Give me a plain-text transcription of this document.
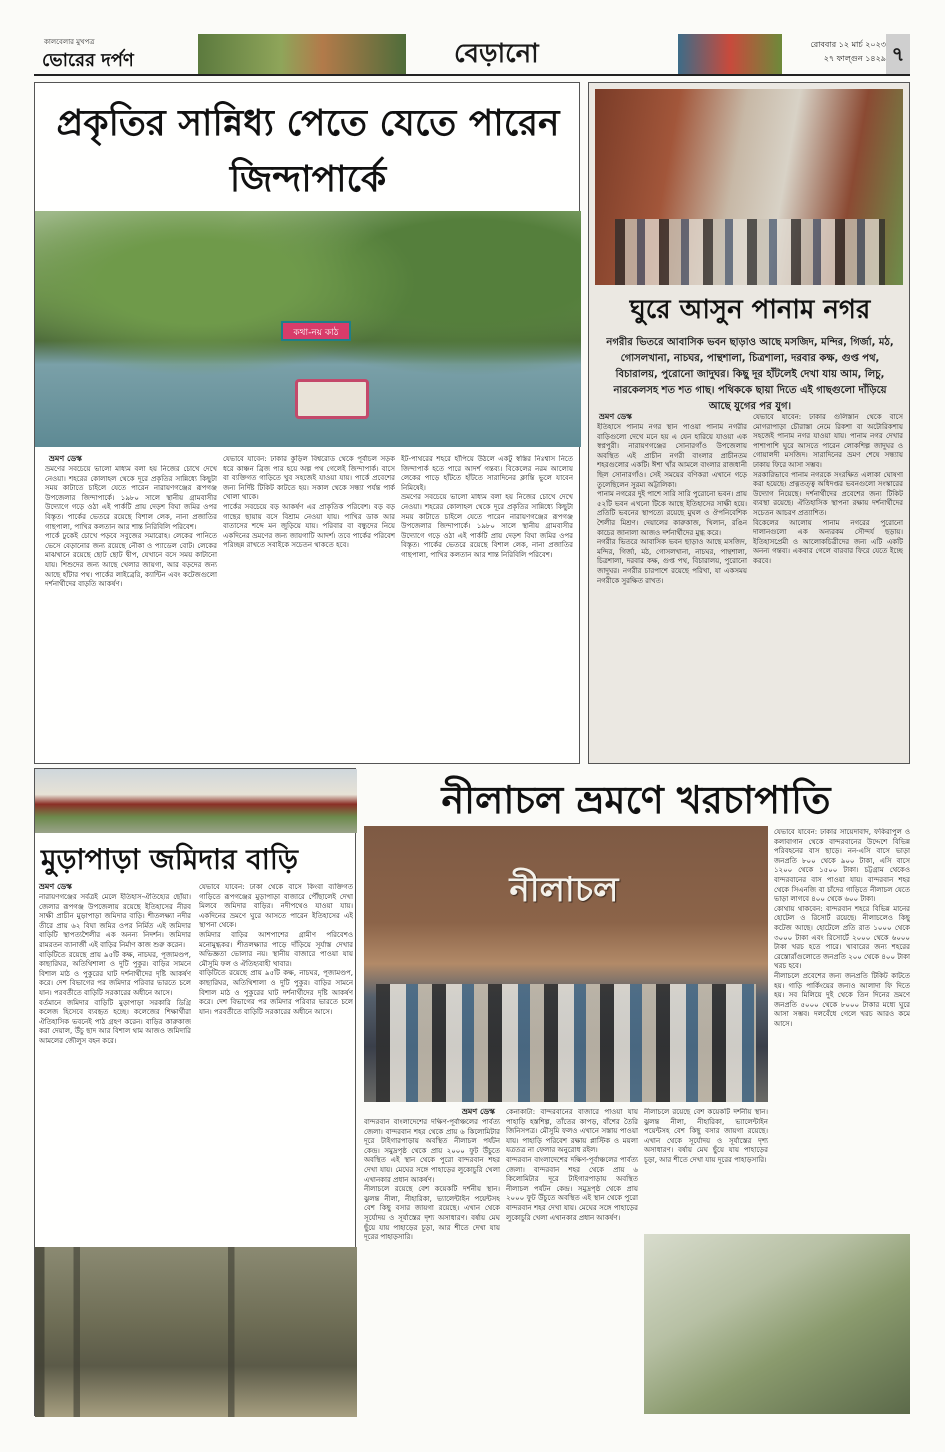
কালবেলার মুখপত্র
ভোরের দর্পণ	বেড়ানো	রোববার ১২ মার্চ ২০২৩
২৭ ফাল্গুন ১৪২৯ ৭
প্রকৃতির সান্নিধ্য পেতে যেতে পারেন জিন্দাপার্কে
কথা-নয় কাঠ
ভ্রমণ ডেস্ক

ভ্রমণের সবচেয়ে ভালো মাধ্যম বলা হয় নিজের চোখে দেখে নেওয়া। শহরের কোলাহল থেকে দূরে প্রকৃতির সান্নিধ্যে কিছুটা সময় কাটাতে চাইলে যেতে পারেন নারায়ণগঞ্জের রূপগঞ্জ উপজেলার জিন্দাপার্কে। ১৯৮০ সালে স্থানীয় গ্রামবাসীর উদ্যোগে গড়ে ওঠা এই পার্কটি প্রায় দেড়শ বিঘা জমির ওপর বিস্তৃত। পার্কের ভেতরে রয়েছে বিশাল লেক, নানা প্রজাতির গাছপালা, পাখির কলতান আর শান্ত নিরিবিলি পরিবেশ।

পার্কে ঢুকেই চোখে পড়বে সবুজের সমারোহ। লেকের পানিতে ভেসে বেড়ানোর জন্য রয়েছে নৌকা ও প্যাডেল বোট। লেকের মাঝখানে রয়েছে ছোট ছোট দ্বীপ, যেখানে বসে সময় কাটানো যায়। শিশুদের জন্য আছে খেলার জায়গা, আর বড়দের জন্য আছে হাঁটার পথ। পার্কের লাইব্রেরি, ক্যান্টিন এবং কটেজগুলো দর্শনার্থীদের বাড়তি আকর্ষণ।

যেভাবে যাবেন: ঢাকার কুড়িল বিশ্বরোড থেকে পূর্বাচল সড়ক ধরে কাঞ্চন ব্রিজ পার হয়ে অল্প পথ গেলেই জিন্দাপার্ক। বাসে বা ব্যক্তিগত গাড়িতে খুব সহজেই যাওয়া যায়। পার্কে প্রবেশের জন্য নির্দিষ্ট টিকিট কাটতে হয়। সকাল থেকে সন্ধ্যা পর্যন্ত পার্ক খোলা থাকে।

পার্কের সবচেয়ে বড় আকর্ষণ এর প্রাকৃতিক পরিবেশ। বড় বড় গাছের ছায়ায় বসে বিশ্রাম নেওয়া যায়। পাখির ডাক আর বাতাসের শব্দে মন জুড়িয়ে যায়। পরিবার বা বন্ধুদের নিয়ে একদিনের ভ্রমণের জন্য জায়গাটি আদর্শ। তবে পার্কের পরিবেশ পরিচ্ছন্ন রাখতে সবাইকে সচেতন থাকতে হবে।

ইট-পাথরের শহরে হাঁপিয়ে উঠলে একটু স্বস্তির নিঃশ্বাস নিতে জিন্দাপার্ক হতে পারে আদর্শ গন্তব্য। বিকেলের নরম আলোয় লেকের পাড়ে হাঁটতে হাঁটতে সারাদিনের ক্লান্তি ভুলে যাবেন নিমিষেই।

ভ্রমণের সবচেয়ে ভালো মাধ্যম বলা হয় নিজের চোখে দেখে নেওয়া। শহরের কোলাহল থেকে দূরে প্রকৃতির সান্নিধ্যে কিছুটা সময় কাটাতে চাইলে যেতে পারেন নারায়ণগঞ্জের রূপগঞ্জ উপজেলার জিন্দাপার্কে। ১৯৮০ সালে স্থানীয় গ্রামবাসীর উদ্যোগে গড়ে ওঠা এই পার্কটি প্রায় দেড়শ বিঘা জমির ওপর বিস্তৃত। পার্কের ভেতরে রয়েছে বিশাল লেক, নানা প্রজাতির গাছপালা, পাখির কলতান আর শান্ত নিরিবিলি পরিবেশ।

ঘুরে আসুন পানাম নগর
নগরীর ভিতরে আবাসিক ভবন ছাড়াও আছে মসজিদ, মন্দির, গির্জা, মঠ, গোসলখানা, নাচঘর, পান্থশালা, চিত্রশালা, দরবার কক্ষ, গুপ্ত পথ, বিচারালয়, পুরোনো জাদুঘর। কিছু দূর হাঁটলেই দেখা যায় আম, লিচু, নারকেলসহ শত শত গাছ। পথিককে ছায়া দিতে এই গাছগুলো দাঁড়িয়ে আছে যুগের পর যুগ।
ভ্রমণ ডেস্ক

ইতিহাসে পানাম নগর স্থান পাওয়া পানাম নগরীর বাড়িগুলো দেখে মনে হয় এ যেন হারিয়ে যাওয়া এক স্বপ্নপুরী। নারায়ণগঞ্জের সোনারগাঁও উপজেলায় অবস্থিত এই প্রাচীন নগরী বাংলার প্রাচীনতম শহরগুলোর একটি। ঈশা খাঁর আমলে বাংলার রাজধানী ছিল সোনারগাঁও। সেই সময়ের বণিকরা এখানে গড়ে তুলেছিলেন সুরম্য অট্টালিকা।

পানাম নগরের দুই পাশে সারি সারি পুরোনো ভবন। প্রায় ৫২টি ভবন এখনো টিকে আছে ইতিহাসের সাক্ষী হয়ে। প্রতিটি ভবনের স্থাপত্যে রয়েছে মুঘল ও ঔপনিবেশিক শৈলীর মিশ্রণ। দেয়ালের কারুকাজ, খিলান, রঙিন কাচের জানালা আজও দর্শনার্থীদের মুগ্ধ করে।

নগরীর ভিতরে আবাসিক ভবন ছাড়াও আছে মসজিদ, মন্দির, গির্জা, মঠ, গোসলখানা, নাচঘর, পান্থশালা, চিত্রশালা, দরবার কক্ষ, গুপ্ত পথ, বিচারালয়, পুরোনো জাদুঘর। নগরীর চারপাশে রয়েছে পরিখা, যা একসময় নগরীকে সুরক্ষিত রাখত।

যেভাবে যাবেন: ঢাকার গুলিস্তান থেকে বাসে মোগরাপাড়া চৌরাস্তা নেমে রিকশা বা অটোরিকশায় সহজেই পানাম নগর যাওয়া যায়। পানাম নগর দেখার পাশাপাশি ঘুরে আসতে পারেন লোকশিল্প জাদুঘর ও গোয়ালদী মসজিদ। সারাদিনের ভ্রমণ শেষে সন্ধ্যায় ঢাকায় ফিরে আসা সম্ভব।

সরকারিভাবে পানাম নগরকে সংরক্ষিত এলাকা ঘোষণা করা হয়েছে। প্রত্নতত্ত্ব অধিদপ্তর ভবনগুলো সংস্কারের উদ্যোগ নিয়েছে। দর্শনার্থীদের প্রবেশের জন্য টিকিট ব্যবস্থা রয়েছে। ঐতিহাসিক স্থাপনা রক্ষায় দর্শনার্থীদের সচেতন আচরণ প্রত্যাশিত।

বিকেলের আলোয় পানাম নগরের পুরোনো দালানগুলো এক অন্যরকম সৌন্দর্য ছড়ায়। ইতিহাসপ্রেমী ও আলোকচিত্রীদের জন্য এটি একটি অনন্য গন্তব্য। একবার গেলে বারবার ফিরে যেতে ইচ্ছে করবে।

মুড়াপাড়া জমিদার বাড়ি
ভ্রমণ ডেস্ক

নারায়ণগঞ্জের সর্বত্রই মেলে ইতিহাস-ঐতিহ্যের ছোঁয়া। জেলার রূপগঞ্জ উপজেলায় রয়েছে ইতিহাসের নীরব সাক্ষী প্রাচীন মুড়াপাড়া জমিদার বাড়ি। শীতলক্ষ্যা নদীর তীরে প্রায় ৬২ বিঘা জমির ওপর নির্মিত এই জমিদার বাড়িটি স্থাপত্যশৈলীর এক অনন্য নিদর্শন। জমিদার রামরতন ব্যানার্জী এই বাড়ির নির্মাণ কাজ শুরু করেন।

বাড়িটিতে রয়েছে প্রায় ৯৫টি কক্ষ, নাচঘর, পূজামণ্ডপ, কাছারিঘর, অতিথিশালা ও দুটি পুকুর। বাড়ির সামনে বিশাল মাঠ ও পুকুরের ঘাট দর্শনার্থীদের দৃষ্টি আকর্ষণ করে। দেশ বিভাগের পর জমিদার পরিবার ভারতে চলে যান। পরবর্তীতে বাড়িটি সরকারের অধীনে আসে।

বর্তমানে জমিদার বাড়িটি মুড়াপাড়া সরকারি ডিগ্রি কলেজ হিসেবে ব্যবহৃত হচ্ছে। কলেজের শিক্ষার্থীরা ঐতিহাসিক ভবনেই পাঠ গ্রহণ করেন। বাড়ির কারুকাজ করা দেয়াল, উঁচু ছাদ আর বিশাল থাম আজও জমিদারি আমলের জৌলুস বহন করে।

যেভাবে যাবেন: ঢাকা থেকে বাসে কিংবা ব্যক্তিগত গাড়িতে রূপগঞ্জের মুড়াপাড়া বাজারে পৌঁছালেই দেখা মিলবে জমিদার বাড়ির। নদীপথেও যাওয়া যায়। একদিনের ভ্রমণে ঘুরে আসতে পারেন ইতিহাসের এই স্থাপনা থেকে।

জমিদার বাড়ির আশপাশের গ্রামীণ পরিবেশও মনোমুগ্ধকর। শীতলক্ষ্যার পাড়ে দাঁড়িয়ে সূর্যাস্ত দেখার অভিজ্ঞতা ভোলার নয়। স্থানীয় বাজারে পাওয়া যায় মৌসুমি ফল ও ঐতিহ্যবাহী খাবার।

বাড়িটিতে রয়েছে প্রায় ৯৫টি কক্ষ, নাচঘর, পূজামণ্ডপ, কাছারিঘর, অতিথিশালা ও দুটি পুকুর। বাড়ির সামনে বিশাল মাঠ ও পুকুরের ঘাট দর্শনার্থীদের দৃষ্টি আকর্ষণ করে। দেশ বিভাগের পর জমিদার পরিবার ভারতে চলে যান। পরবর্তীতে বাড়িটি সরকারের অধীনে আসে।

নীলাচল ভ্রমণে খরচাপাতি
নীলাচল

যেভাবে যাবেন: ঢাকার সায়েদাবাদ, ফকিরাপুল ও কলাবাগান থেকে বান্দরবানের উদ্দেশে বিভিন্ন পরিবহনের বাস ছাড়ে। নন-এসি বাসে ভাড়া জনপ্রতি ৮০০ থেকে ৯০০ টাকা, এসি বাসে ১২০০ থেকে ১৫০০ টাকা। চট্টগ্রাম থেকেও বান্দরবানের বাস পাওয়া যায়। বান্দরবান শহর থেকে সিএনজি বা চাঁদের গাড়িতে নীলাচল যেতে ভাড়া লাগবে ৪০০ থেকে ৬০০ টাকা।

কোথায় থাকবেন: বান্দরবান শহরে বিভিন্ন মানের হোটেল ও রিসোর্ট রয়েছে। নীলাচলেও কিছু কটেজ আছে। হোটেলে প্রতি রাত ১০০০ থেকে ৩০০০ টাকা এবং রিসোর্টে ২০০০ থেকে ৬০০০ টাকা খরচ হতে পারে। খাবারের জন্য শহরের রেস্তোরাঁগুলোতে জনপ্রতি ২০০ থেকে ৪০০ টাকা খরচ হবে।

নীলাচলে প্রবেশের জন্য জনপ্রতি টিকিট কাটতে হয়। গাড়ি পার্কিংয়ের জন্যও আলাদা ফি দিতে হয়। সব মিলিয়ে দুই থেকে তিন দিনের ভ্রমণে জনপ্রতি ৫০০০ থেকে ৮০০০ টাকার মধ্যে ঘুরে আসা সম্ভব। দলবেঁধে গেলে খরচ আরও কমে আসে।

ভ্রমণ ডেস্ক

বান্দরবান বাংলাদেশের দক্ষিণ-পূর্বাঞ্চলের পার্বত্য জেলা। বান্দরবান শহর থেকে প্রায় ৬ কিলোমিটার দূরে টাইগারপাড়ায় অবস্থিত নীলাচল পর্যটন কেন্দ্র। সমুদ্রপৃষ্ঠ থেকে প্রায় ২০০০ ফুট উঁচুতে অবস্থিত এই স্থান থেকে পুরো বান্দরবান শহর দেখা যায়। মেঘের সঙ্গে পাহাড়ের লুকোচুরি খেলা এখানকার প্রধান আকর্ষণ।

নীলাচলে রয়েছে বেশ কয়েকটি দর্শনীয় স্থান। ঝুলন্ত নীলা, নীহারিকা, ভ্যালেন্টাইন পয়েন্টসহ বেশ কিছু বসার জায়গা রয়েছে। এখান থেকে সূর্যোদয় ও সূর্যাস্তের দৃশ্য অসাধারণ। বর্ষায় মেঘ ছুঁয়ে যায় পাহাড়ের চূড়া, আর শীতে দেখা যায় দূরের পাহাড়সারি।

কেনাকাটা: বান্দরবানের বাজারে পাওয়া যায় পাহাড়ি হস্তশিল্প, তাঁতের কাপড়, বাঁশের তৈরি জিনিসপত্র। মৌসুমি ফলও এখানে সস্তায় পাওয়া যায়। পাহাড়ি পরিবেশ রক্ষায় প্লাস্টিক ও ময়লা যত্রতত্র না ফেলার অনুরোধ রইল।

বান্দরবান বাংলাদেশের দক্ষিণ-পূর্বাঞ্চলের পার্বত্য জেলা। বান্দরবান শহর থেকে প্রায় ৬ কিলোমিটার দূরে টাইগারপাড়ায় অবস্থিত নীলাচল পর্যটন কেন্দ্র। সমুদ্রপৃষ্ঠ থেকে প্রায় ২০০০ ফুট উঁচুতে অবস্থিত এই স্থান থেকে পুরো বান্দরবান শহর দেখা যায়। মেঘের সঙ্গে পাহাড়ের লুকোচুরি খেলা এখানকার প্রধান আকর্ষণ।

নীলাচলে রয়েছে বেশ কয়েকটি দর্শনীয় স্থান। ঝুলন্ত নীলা, নীহারিকা, ভ্যালেন্টাইন পয়েন্টসহ বেশ কিছু বসার জায়গা রয়েছে। এখান থেকে সূর্যোদয় ও সূর্যাস্তের দৃশ্য অসাধারণ। বর্ষায় মেঘ ছুঁয়ে যায় পাহাড়ের চূড়া, আর শীতে দেখা যায় দূরের পাহাড়সারি।
